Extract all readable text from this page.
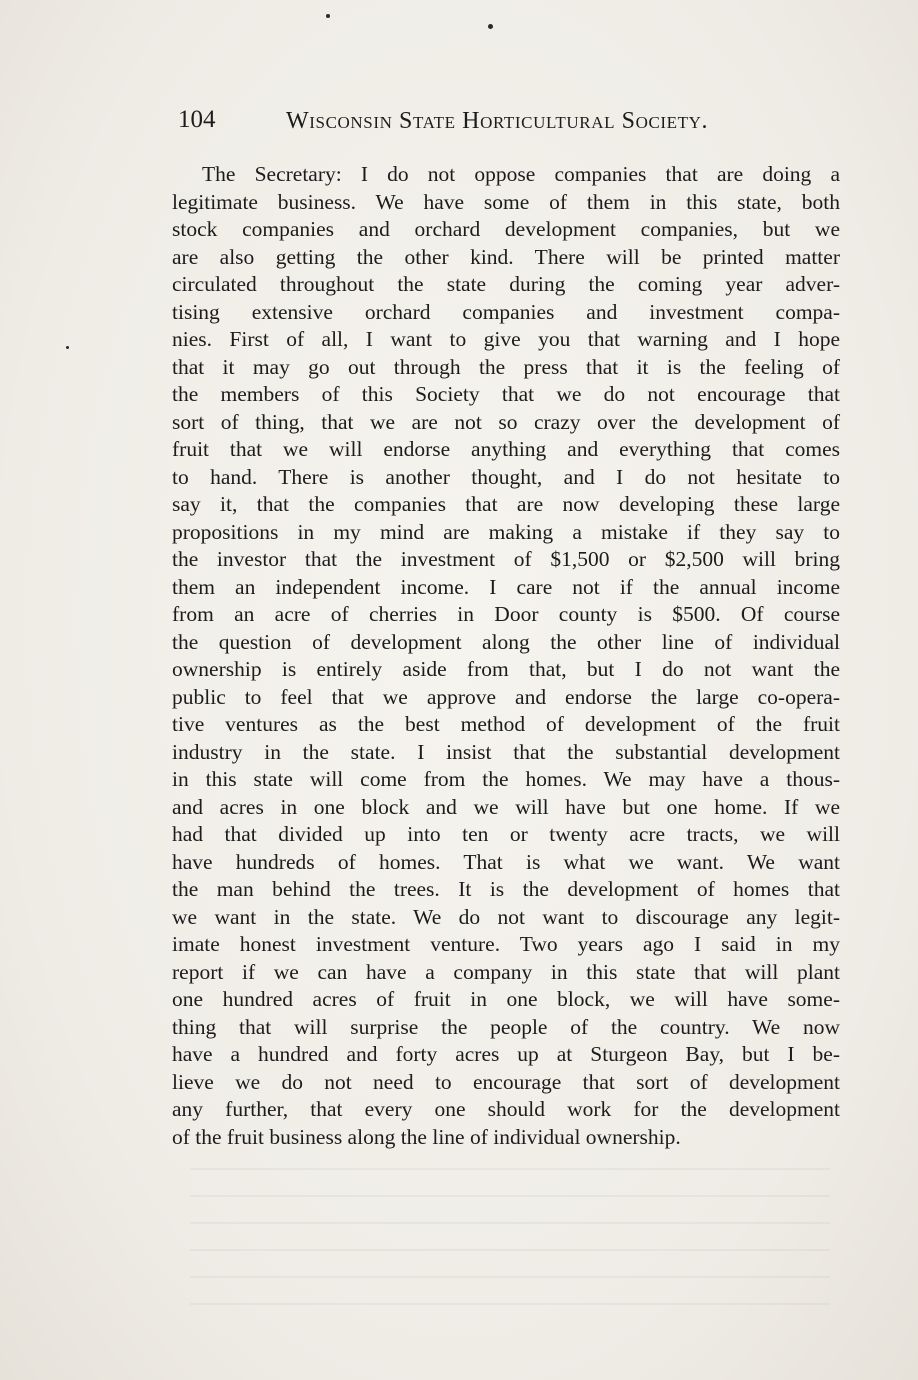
104	Wisconsin State Horticultural Society.
The Secretary: I do not oppose companies that are doing a
legitimate business. We have some of them in this state, both
stock companies and orchard development companies, but we
are also getting the other kind. There will be printed matter
circulated throughout the state during the coming year adver-
tising extensive orchard companies and investment compa-
nies. First of all, I want to give you that warning and I hope
that it may go out through the press that it is the feeling of
the members of this Society that we do not encourage that
sort of thing, that we are not so crazy over the development of
fruit that we will endorse anything and everything that comes
to hand. There is another thought, and I do not hesitate to
say it, that the companies that are now developing these large
propositions in my mind are making a mistake if they say to
the investor that the investment of $1,500 or $2,500 will bring
them an independent income. I care not if the annual income
from an acre of cherries in Door county is $500. Of course
the question of development along the other line of individual
ownership is entirely aside from that, but I do not want the
public to feel that we approve and endorse the large co-opera-
tive ventures as the best method of development of the fruit
industry in the state. I insist that the substantial development
in this state will come from the homes. We may have a thous-
and acres in one block and we will have but one home. If we
had that divided up into ten or twenty acre tracts, we will
have hundreds of homes. That is what we want. We want
the man behind the trees. It is the development of homes that
we want in the state. We do not want to discourage any legit-
imate honest investment venture. Two years ago I said in my
report if we can have a company in this state that will plant
one hundred acres of fruit in one block, we will have some-
thing that will surprise the people of the country. We now
have a hundred and forty acres up at Sturgeon Bay, but I be-
lieve we do not need to encourage that sort of development
any further, that every one should work for the development
of the fruit business along the line of individual ownership.
